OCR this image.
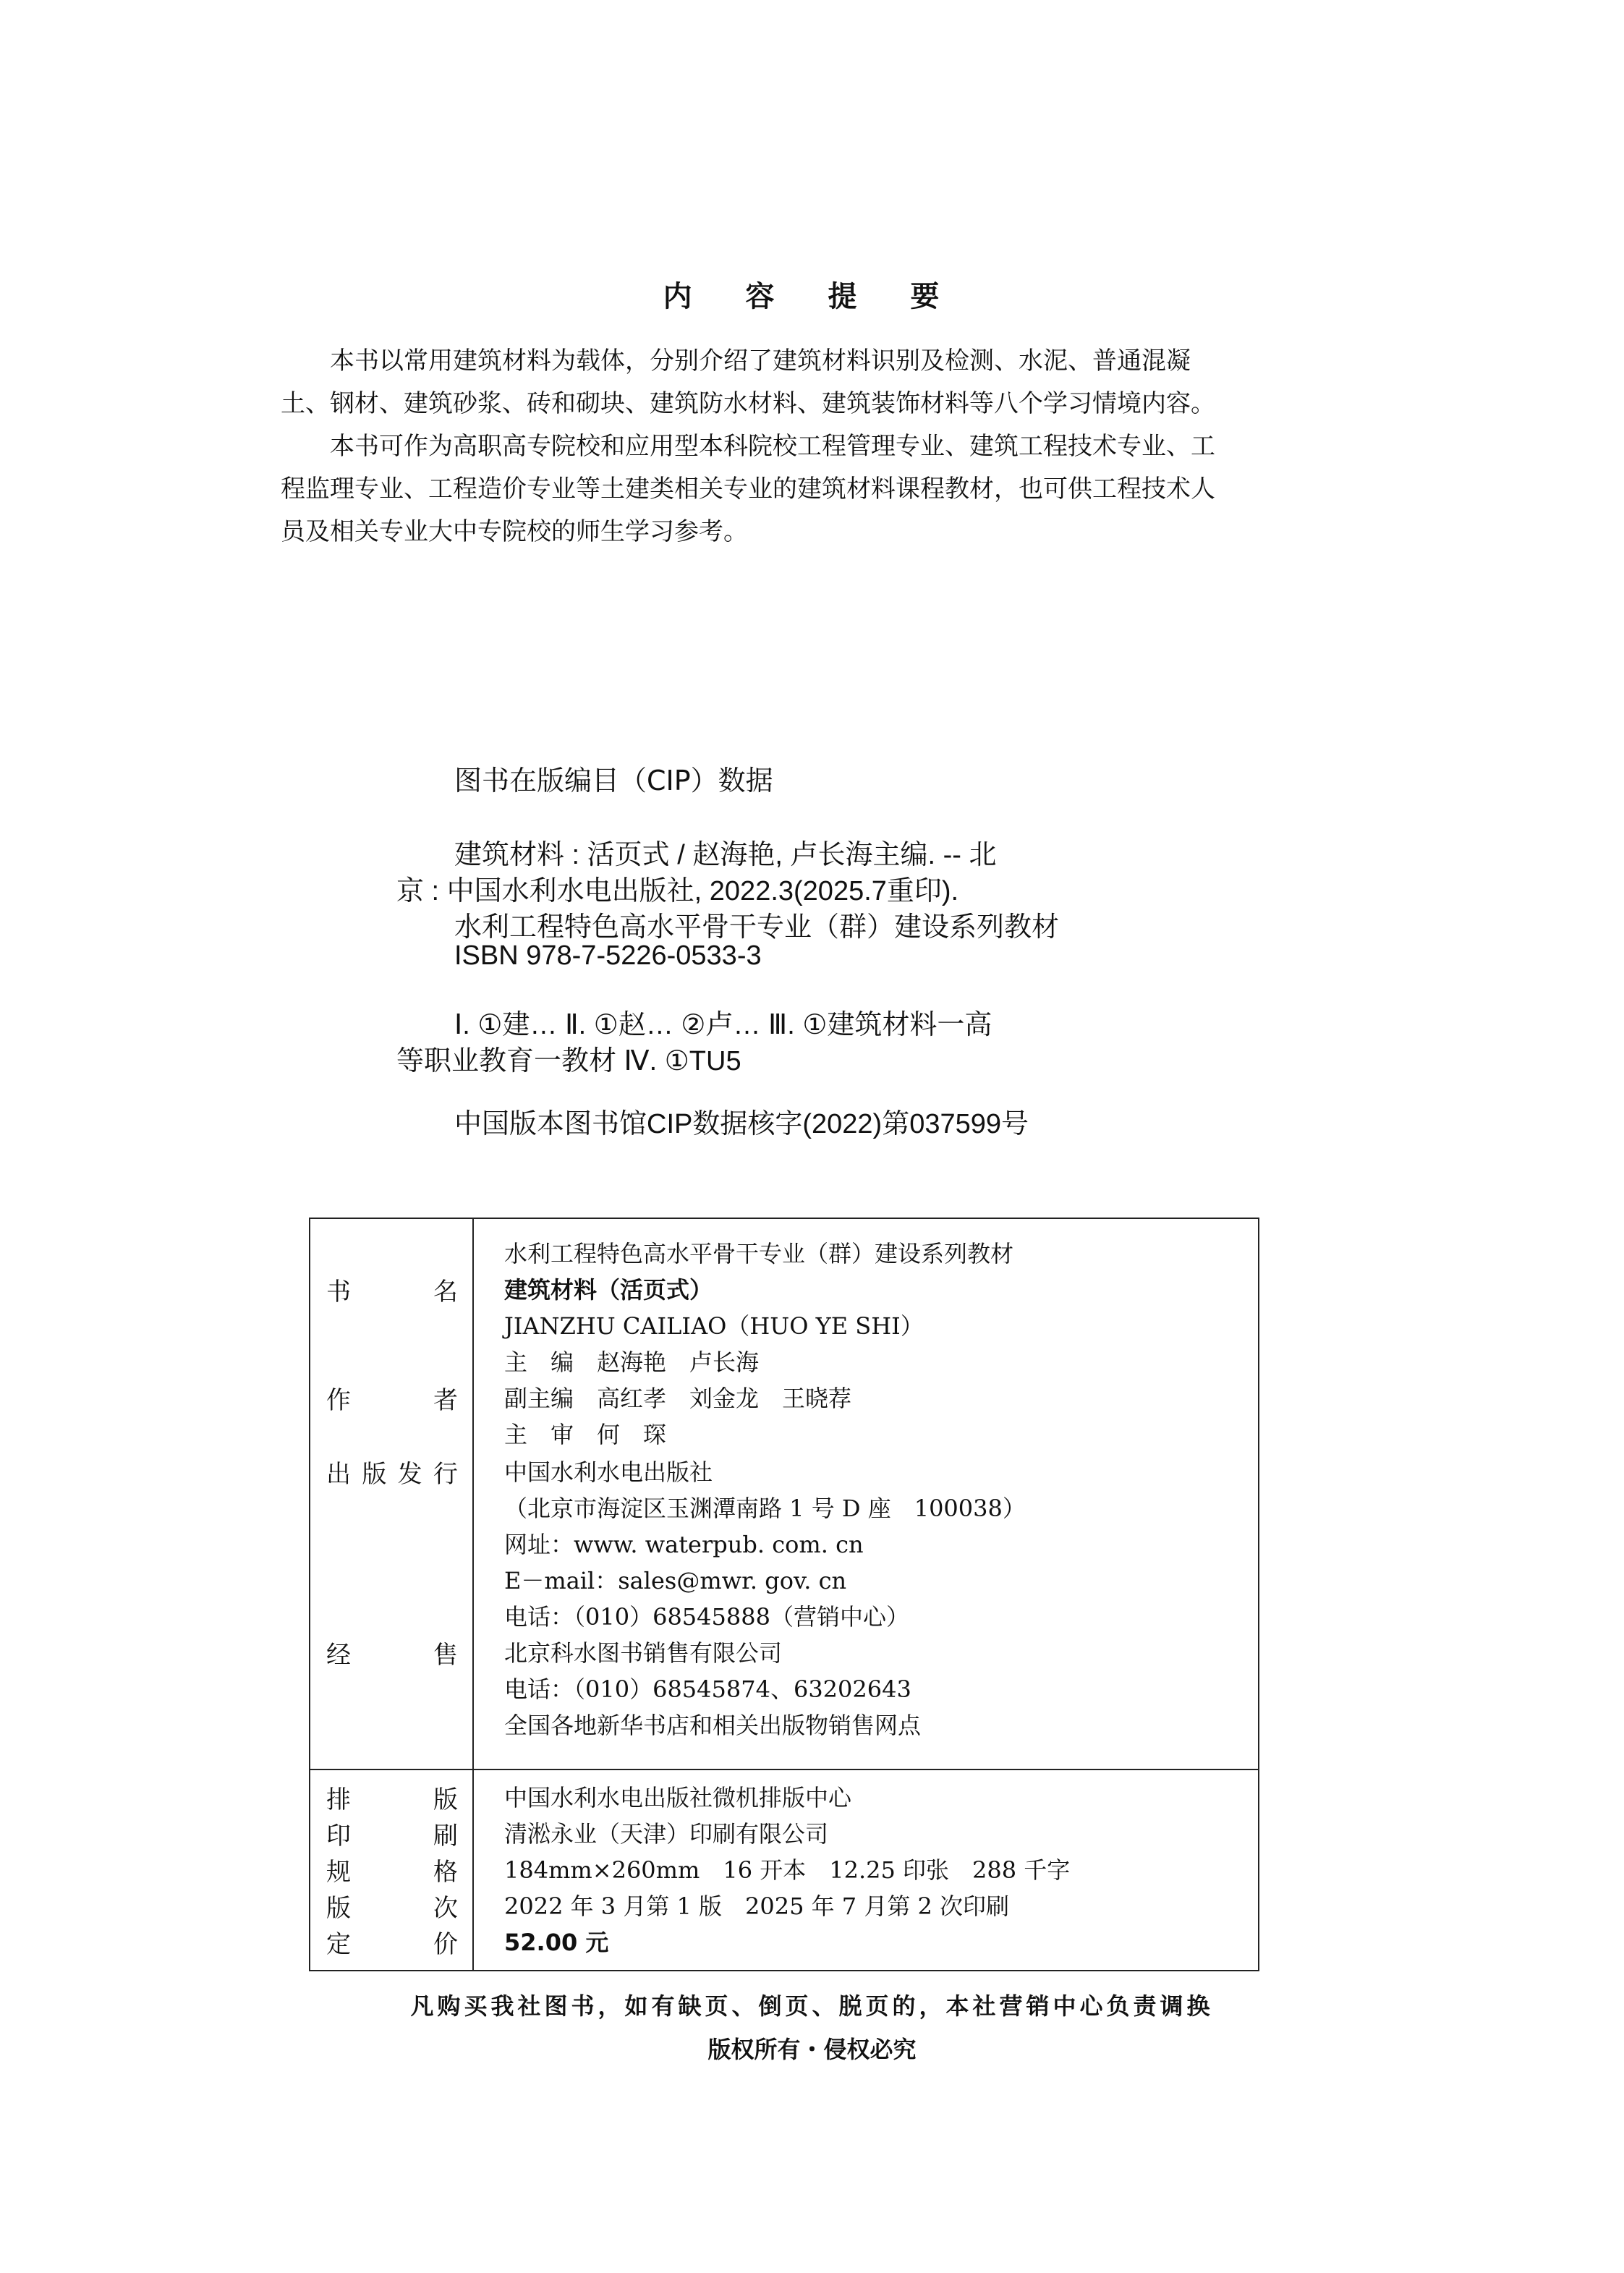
内 容 提 要
本书以常用建筑材料为载体，分别介绍了建筑材料识别及检测、水泥、普通混凝
土、钢材、建筑砂浆、砖和砌块、建筑防水材料、建筑装饰材料等八个学习情境内容。
本书可作为高职高专院校和应用型本科院校工程管理专业、建筑工程技术专业、工
程监理专业、工程造价专业等土建类相关专业的建筑材料课程教材，也可供工程技术人
员及相关专业大中专院校的师生学习参考。
图书在版编目（CIP）数据
建筑材料 : 活页式 / 赵海艳, 卢长海主编. -- 北
京 : 中国水利水电出版社, 2022.3(2025.7重印).
水利工程特色高水平骨干专业（群）建设系列教材
ISBN 978-7-5226-0533-3
Ⅰ. ①建… Ⅱ. ①赵… ②卢… Ⅲ. ①建筑材料一高
等职业教育一教材 Ⅳ. ①TU5
中国版本图书馆CIP数据核字(2022)第037599号
书 名
作 者
出版发行
经 售
排 版
印 刷
规 格
版 次
定 价
水利工程特色高水平骨干专业（群）建设系列教材
建筑材料（活页式）
JIANZHU CAILIAO（HUO YE SHI）
主　编　赵海艳　卢长海
副主编　高红孝　刘金龙　王晓荐
主　审　何　琛
中国水利水电出版社
（北京市海淀区玉渊潭南路 1 号 D 座　100038）
网址：www. waterpub. com. cn
E－mail：sales@mwr. gov. cn
电话：（010）68545888（营销中心）
北京科水图书销售有限公司
电话：（010）68545874、63202643
全国各地新华书店和相关出版物销售网点
中国水利水电出版社微机排版中心
清淞永业（天津）印刷有限公司
184mm×260mm　16 开本　12.25 印张　288 千字
2022 年 3 月第 1 版　2025 年 7 月第 2 次印刷
52.00 元
凡购买我社图书，如有缺页、倒页、脱页的，本社营销中心负责调换
版权所有・侵权必究
